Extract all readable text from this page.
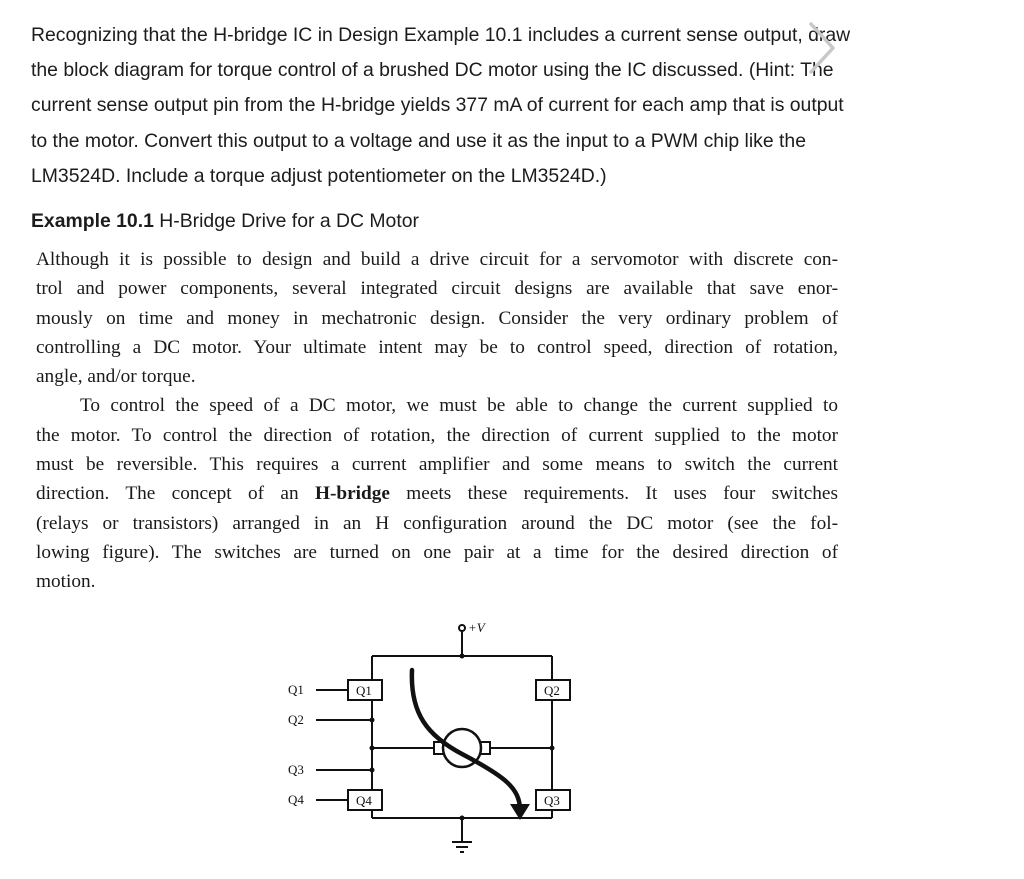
Recognizing that the H-bridge IC in Design Example 10.1 includes a current sense output, draw
the block diagram for torque control of a brushed DC motor using the IC discussed. (Hint: The
current sense output pin from the H-bridge yields 377 mA of current for each amp that is output
to the motor. Convert this output to a voltage and use it as the input to a PWM chip like the
LM3524D. Include a torque adjust potentiometer on the LM3524D.)
Example 10.1 H-Bridge Drive for a DC Motor
Although it is possible to design and build a drive circuit for a servomotor with discrete con-
trol and power components, several integrated circuit designs are available that save enor-
mously on time and money in mechatronic design. Consider the very ordinary problem of
controlling a DC motor. Your ultimate intent may be to control speed, direction of rotation,
angle, and/or torque.
To control the speed of a DC motor, we must be able to change the current supplied to
the motor. To control the direction of rotation, the direction of current supplied to the motor
must be reversible. This requires a current amplifier and some means to switch the current
direction. The concept of an H-bridge meets these requirements. It uses four switches
(relays or transistors) arranged in an H configuration around the DC motor (see the fol-
lowing figure). The switches are turned on one pair at a time for the desired direction of
motion.
+V
Q1
Q2
Q3
Q4
Q1	Q2
Q4	Q3
